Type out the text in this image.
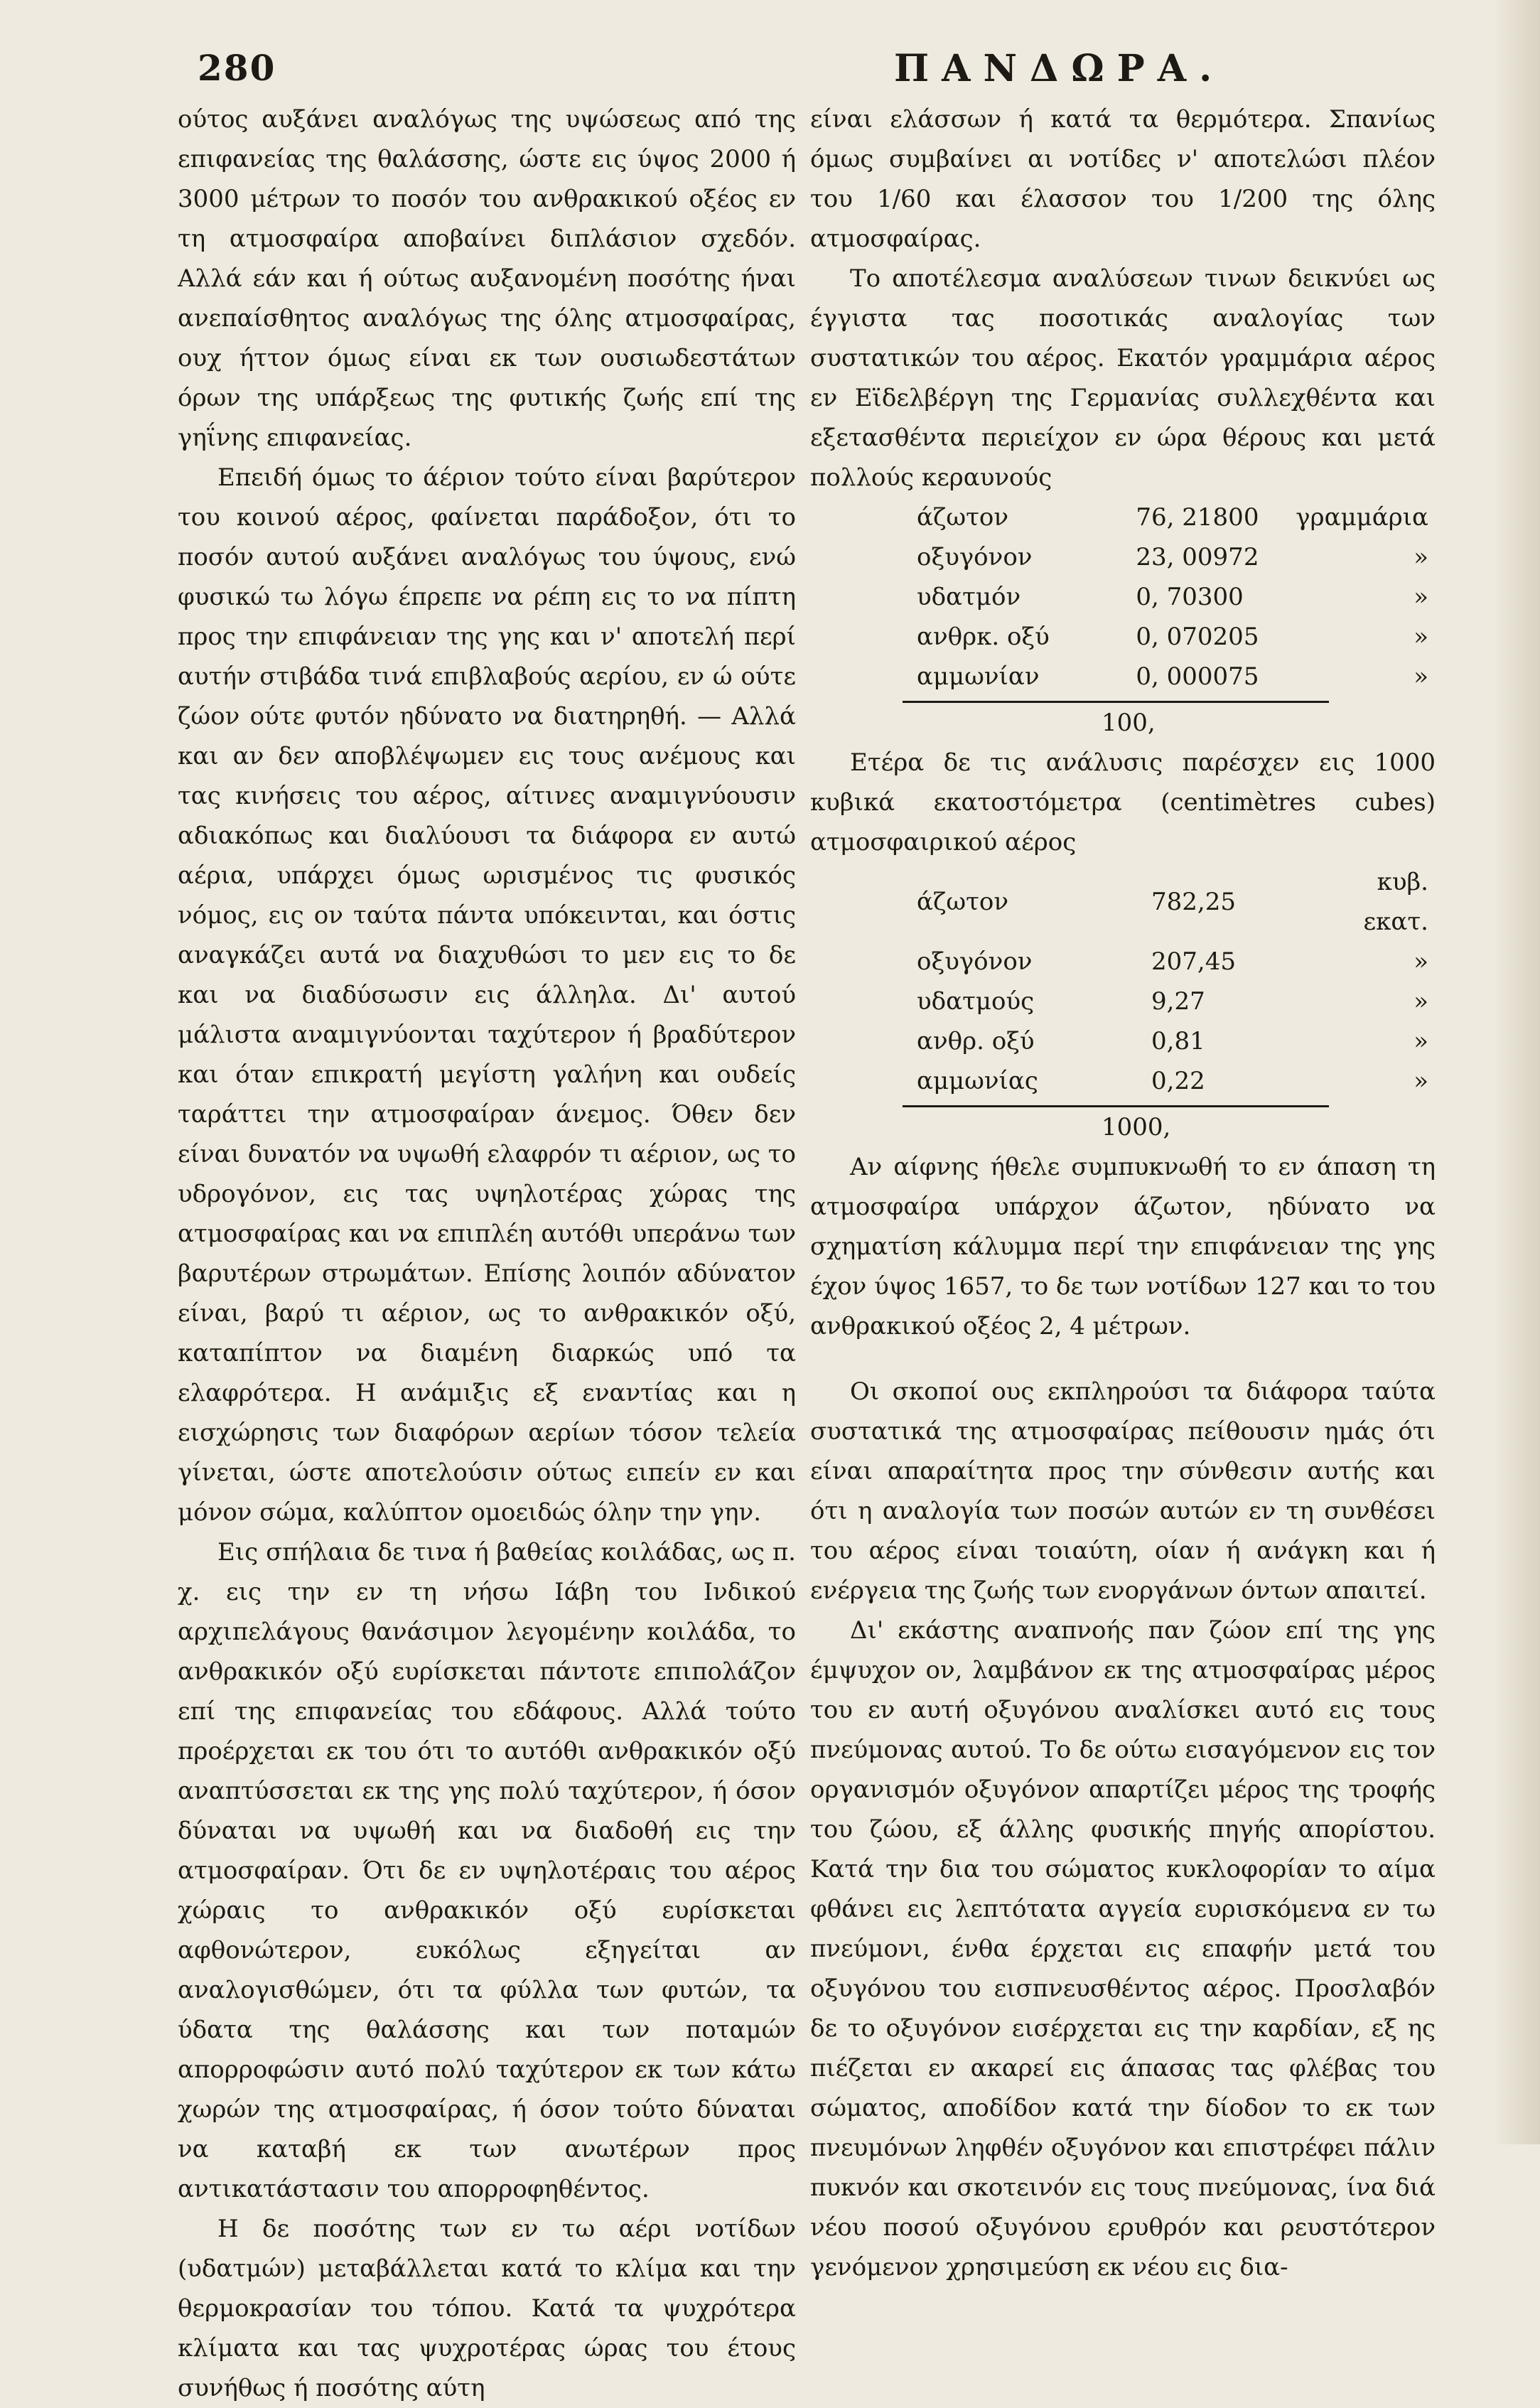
280	ΠΑΝΔΩΡΑ.

ούτος αυξάνει αναλόγως της υψώσεως από της επιφανείας της θαλάσσης, ώστε εις ύψος 2000 ή 3000 μέτρων το ποσόν του ανθρακικού οξέος εν τη ατμοσφαίρα αποβαίνει διπλάσιον σχεδόν. Αλλά εάν και ή ούτως αυξανομένη ποσότης ήναι ανεπαίσθητος αναλόγως της όλης ατμοσφαίρας, ουχ ήττον όμως είναι εκ των ουσιωδεστάτων όρων της υπάρξεως της φυτικής ζωής επί της γηΐνης επιφανείας.

Επειδή όμως το άέριον τούτο είναι βαρύτερον του κοινού αέρος, φαίνεται παράδοξον, ότι το ποσόν αυτού αυξάνει αναλόγως του ύψους, ενώ φυσικώ τω λόγω έπρεπε να ρέπη εις το να πίπτη προς την επιφάνειαν της γης και ν' αποτελή περί αυτήν στιβάδα τινά επιβλαβούς αερίου, εν ώ ούτε ζώον ούτε φυτόν ηδύνατο να διατηρηθή. — Αλλά και αν δεν αποβλέψωμεν εις τους ανέμους και τας κινήσεις του αέρος, αίτινες αναμιγνύουσιν αδιακόπως και διαλύουσι τα διάφορα εν αυτώ αέρια, υπάρχει όμως ωρισμένος τις φυσικός νόμος, εις ον ταύτα πάντα υπόκεινται, και όστις αναγκάζει αυτά να διαχυθώσι το μεν εις το δε και να διαδύσωσιν εις άλληλα. Δι' αυτού μάλιστα αναμιγνύονται ταχύτερον ή βραδύτερον και όταν επικρατή μεγίστη γαλήνη και ουδείς ταράττει την ατμοσφαίραν άνεμος. Όθεν δεν είναι δυνατόν να υψωθή ελαφρόν τι αέριον, ως το υδρογόνον, εις τας υψηλοτέρας χώρας της ατμοσφαίρας και να επιπλέη αυτόθι υπεράνω των βαρυτέρων στρωμάτων. Επίσης λοιπόν αδύνατον είναι, βαρύ τι αέριον, ως το ανθρακικόν οξύ, καταπίπτον να διαμένη διαρκώς υπό τα ελαφρότερα. Η ανάμιξις εξ εναντίας και η εισχώρησις των διαφόρων αερίων τόσον τελεία γίνεται, ώστε αποτελούσιν ούτως ειπείν εν και μόνον σώμα, καλύπτον ομοειδώς όλην την γην.

Εις σπήλαια δε τινα ή βαθείας κοιλάδας, ως π. χ. εις την εν τη νήσω Ιάβη του Ινδικού αρχιπελάγους θανάσιμον λεγομένην κοιλάδα, το ανθρακικόν οξύ ευρίσκεται πάντοτε επιπολάζον επί της επιφανείας του εδάφους. Αλλά τούτο προέρχεται εκ του ότι το αυτόθι ανθρακικόν οξύ αναπτύσσεται εκ της γης πολύ ταχύτερον, ή όσον δύναται να υψωθή και να διαδοθή εις την ατμοσφαίραν. Ότι δε εν υψηλοτέραις του αέρος χώραις το ανθρακικόν οξύ ευρίσκεται αφθονώτερον, ευκόλως εξηγείται αν αναλογισθώμεν, ότι τα φύλλα των φυτών, τα ύδατα της θαλάσσης και των ποταμών απορροφώσιν αυτό πολύ ταχύτερον εκ των κάτω χωρών της ατμοσφαίρας, ή όσον τούτο δύναται να καταβή εκ των ανωτέρων προς αντικατάστασιν του απορροφηθέντος.

Η δε ποσότης των εν τω αέρι νοτίδων (υδατμών) μεταβάλλεται κατά το κλίμα και την θερμοκρασίαν του τόπου. Κατά τα ψυχρότερα κλίματα και τας ψυχροτέρας ώρας του έτους συνήθως ή ποσότης αύτη

είναι ελάσσων ή κατά τα θερμότερα. Σπανίως όμως συμβαίνει αι νοτίδες ν' αποτελώσι πλέον του 1/60 και έλασσον του 1/200 της όλης ατμοσφαίρας.

Το αποτέλεσμα αναλύσεων τινων δεικνύει ως έγγιστα τας ποσοτικάς αναλογίας των συστατικών του αέρος. Εκατόν γραμμάρια αέρος εν Εϊδελβέργη της Γερμανίας συλλεχθέντα και εξετασθέντα περιείχον εν ώρα θέρους και μετά πολλούς κεραυνούς

άζωτον	76, 21800	γραμμάρια
οξυγόνον	23, 00972	»
υδατμόν	0, 70300	»
ανθρκ. οξύ	0, 070205	»
αμμωνίαν	0, 000075	»
100,

Ετέρα δε τις ανάλυσις παρέσχεν εις 1000 κυβικά εκατοστόμετρα (centimètres cubes) ατμοσφαιρικού αέρος

άζωτον	782,25	κυβ. εκατ.
οξυγόνον	207,45	»
υδατμούς	9,27	»
ανθρ. οξύ	0,81	»
αμμωνίας	0,22	»
1000,

Αν αίφνης ήθελε συμπυκνωθή το εν άπαση τη ατμοσφαίρα υπάρχον άζωτον, ηδύνατο να σχηματίση κάλυμμα περί την επιφάνειαν της γης έχον ύψος 1657, το δε των νοτίδων 127 και το του ανθρακικού οξέος 2, 4 μέτρων.

Οι σκοποί ους εκπληρούσι τα διάφορα ταύτα συστατικά της ατμοσφαίρας πείθουσιν ημάς ότι είναι απαραίτητα προς την σύνθεσιν αυτής και ότι η αναλογία των ποσών αυτών εν τη συνθέσει του αέρος είναι τοιαύτη, οίαν ή ανάγκη και ή ενέργεια της ζωής των ενοργάνων όντων απαιτεί.

Δι' εκάστης αναπνοής παν ζώον επί της γης έμψυχον ον, λαμβάνον εκ της ατμοσφαίρας μέρος του εν αυτή οξυγόνου αναλίσκει αυτό εις τους πνεύμονας αυτού. Το δε ούτω εισαγόμενον εις τον οργανισμόν οξυγόνον απαρτίζει μέρος της τροφής του ζώου, εξ άλλης φυσικής πηγής απορίστου. Κατά την δια του σώματος κυκλοφορίαν το αίμα φθάνει εις λεπτότατα αγγεία ευρισκόμενα εν τω πνεύμονι, ένθα έρχεται εις επαφήν μετά του οξυγόνου του εισπνευσθέντος αέρος. Προσλαβόν δε το οξυγόνον εισέρχεται εις την καρδίαν, εξ ης πιέζεται εν ακαρεί εις άπασας τας φλέβας του σώματος, αποδίδον κατά την δίοδον το εκ των πνευμόνων ληφθέν οξυγόνον και επιστρέφει πάλιν πυκνόν και σκοτεινόν εις τους πνεύμονας, ίνα διά νέου ποσού οξυγόνου ερυθρόν και ρευστότερον γενόμενον χρησιμεύση εκ νέου εις δια-
